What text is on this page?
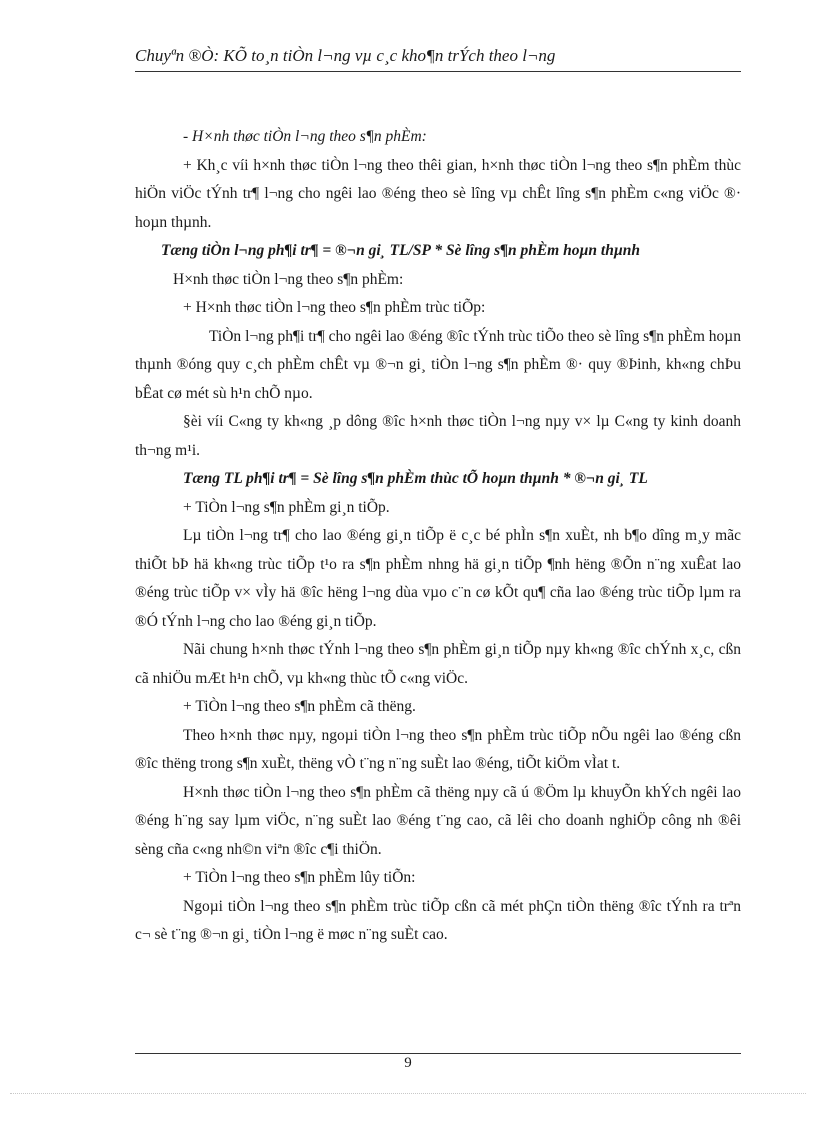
Chuyªn ®Ò: KÕ to¸n tiÒn l¬ng vµ c¸c kho¶n trÝch theo l¬ng

- H×nh thøc tiÒn l¬ng theo s¶n phÈm:

+ Kh¸c víi h×nh thøc tiÒn l¬ng theo thêi gian, h×nh thøc tiÒn l¬ng theo s¶n phÈm thùc hiÖn viÖc tÝnh tr¶ l¬ng cho ngêi lao ®éng theo sè lîng vµ chÊt lîng s¶n phÈm c«ng viÖc ®· hoµn thµnh.

Tæng tiÒn l¬ng ph¶i tr¶ = ®¬n gi¸ TL/SP * Sè lîng s¶n phÈm hoµn thµnh

H×nh thøc tiÒn l¬ng theo s¶n phÈm:

+ H×nh thøc tiÒn l¬ng theo s¶n phÈm trùc tiÕp:

TiÒn l¬ng ph¶i tr¶ cho ngêi lao ®éng ®îc tÝnh trùc tiÕo theo sè lîng s¶n phÈm hoµn thµnh ®óng quy c¸ch phÈm chÊt vµ ®¬n gi¸ tiÒn l¬ng s¶n phÈm ®· quy ®Þinh, kh«ng chÞu bÊat cø mét sù h¹n chÕ nµo.

§èi víi C«ng ty kh«ng ¸p dông ®îc h×nh thøc tiÒn l¬ng nµy v× lµ C«ng ty kinh doanh th¬ng m¹i.

Tæng TL ph¶i tr¶ = Sè lîng s¶n phÈm thùc tÕ hoµn thµnh * ®¬n gi¸ TL

+ TiÒn l¬ng s¶n phÈm gi¸n tiÕp.

Lµ tiÒn l¬ng tr¶ cho lao ®éng gi¸n tiÕp ë c¸c bé phÌn s¶n xuÈt, nh b¶o dîng m¸y mãc thiÕt bÞ hä kh«ng trùc tiÕp t¹o ra s¶n phÈm nhng hä gi¸n tiÕp ¶nh hëng ®Õn n¨ng xuÊat lao ®éng trùc tiÕp v× vÌy hä ®îc hëng l¬ng dùa vµo c¨n cø kÕt qu¶ cña lao ®éng trùc tiÕp lµm ra ®Ó tÝnh l¬ng cho lao ®éng gi¸n tiÕp.

Nãi chung h×nh thøc tÝnh l¬ng theo s¶n phÈm gi¸n tiÕp nµy kh«ng ®îc chÝnh x¸c, cßn cã nhiÖu mÆt h¹n chÕ, vµ kh«ng thùc tÕ c«ng viÖc.

+ TiÒn l¬ng theo s¶n phÈm cã thëng.

Theo h×nh thøc nµy, ngoµi tiÒn l¬ng theo s¶n phÈm trùc tiÕp nÕu ngêi lao ®éng cßn ®îc thëng trong s¶n xuÈt, thëng vÒ t¨ng n¨ng suÈt lao ®éng, tiÕt kiÖm vÌat t.

H×nh thøc tiÒn l¬ng theo s¶n phÈm cã thëng nµy cã ú ®Öm lµ khuyÕn khÝch ngêi lao ®éng h¨ng say lµm viÖc, n¨ng suÈt lao ®éng t¨ng cao, cã lêi cho doanh nghiÖp công nh ®êi sèng cña c«ng nh©n viªn ®îc c¶i thiÖn.

+ TiÒn l¬ng theo s¶n phÈm lûy tiÕn:

Ngoµi tiÒn l¬ng theo s¶n phÈm trùc tiÕp cßn cã mét phÇn tiÒn thëng ®îc tÝnh ra trªn c¬ sè t¨ng ®¬n gi¸ tiÒn l¬ng ë møc n¨ng suÈt cao.

9
